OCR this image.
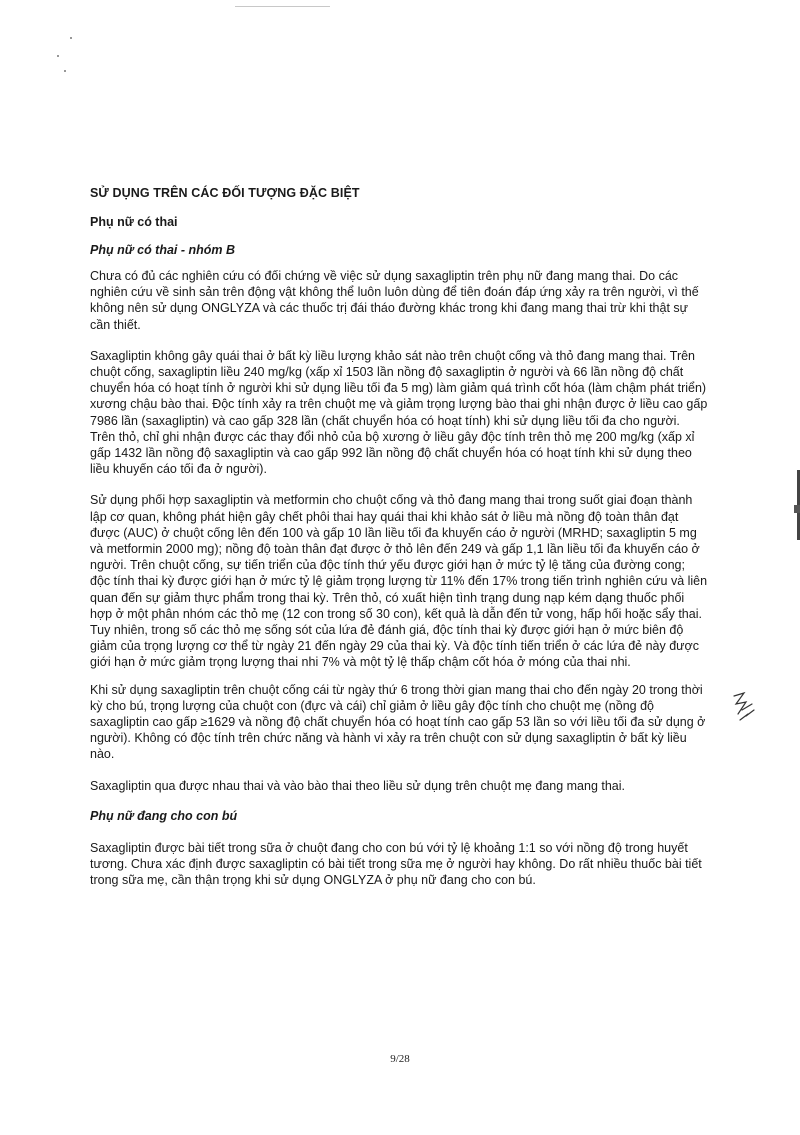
SỬ DỤNG TRÊN CÁC ĐỐI TƯỢNG ĐẶC BIỆT
Phụ nữ có thai
Phụ nữ có thai - nhóm B

Chưa có đủ các nghiên cứu có đối chứng về việc sử dụng saxagliptin trên phụ nữ đang mang thai. Do các nghiên cứu về sinh sản trên động vật không thể luôn luôn dùng để tiên đoán đáp ứng xảy ra trên người, vì thế không nên sử dụng ONGLYZA và các thuốc trị đái tháo đường khác trong khi đang mang thai trừ khi thật sự cần thiết.

Saxagliptin không gây quái thai ở bất kỳ liều lượng khảo sát nào trên chuột cống và thỏ đang mang thai. Trên chuột cống, saxagliptin liều 240 mg/kg (xấp xỉ 1503 lần nồng độ saxagliptin ở người và 66 lần nồng độ chất chuyển hóa có hoạt tính ở người khi sử dụng liều tối đa 5 mg) làm giảm quá trình cốt hóa (làm chậm phát triển) xương chậu bào thai. Độc tính xảy ra trên chuột mẹ và giảm trọng lượng bào thai ghi nhận được ở liều cao gấp 7986 lần (saxagliptin) và cao gấp 328 lần (chất chuyển hóa có hoạt tính) khi sử dụng liều tối đa cho người. Trên thỏ, chỉ ghi nhận được các thay đổi nhỏ của bộ xương ở liều gây độc tính trên thỏ mẹ 200 mg/kg (xấp xỉ gấp 1432 lần nồng độ saxagliptin và cao gấp 992 lần nồng độ chất chuyển hóa có hoạt tính khi sử dụng theo liều khuyến cáo tối đa ở người).

Sử dụng phối hợp saxagliptin và metformin cho chuột cống và thỏ đang mang thai trong suốt giai đoạn thành lập cơ quan, không phát hiện gây chết phôi thai hay quái thai khi khảo sát ở liều mà nồng độ toàn thân đạt được (AUC) ở chuột cống lên đến 100 và gấp 10 lần liều tối đa khuyến cáo ở người (MRHD; saxagliptin 5 mg và metformin 2000 mg); nồng độ toàn thân đạt được ở thỏ lên đến 249 và gấp 1,1 lần liều tối đa khuyến cáo ở người. Trên chuột cống, sự tiến triển của độc tính thứ yếu được giới hạn ở mức tỷ lệ tăng của đường cong; độc tính thai kỳ được giới hạn ở mức tỷ lệ giảm trọng lượng từ 11% đến 17% trong tiến trình nghiên cứu và liên quan đến sự giảm thực phẩm trong thai kỳ. Trên thỏ, có xuất hiện tình trạng dung nạp kém dạng thuốc phối hợp ở một phân nhóm các thỏ mẹ (12 con trong số 30 con), kết quả là dẫn đến tử vong, hấp hối hoặc sẩy thai. Tuy nhiên, trong số các thỏ mẹ sống sót của lứa đẻ đánh giá, độc tính thai kỳ được giới hạn ở mức biên độ giảm của trọng lượng cơ thể từ ngày 21 đến ngày 29 của thai kỳ. Và độc tính tiến triển ở các lứa đẻ này được giới hạn ở mức giảm trọng lượng thai nhi 7% và một tỷ lệ thấp chậm cốt hóa ở móng của thai nhi.

Khi sử dụng saxagliptin trên chuột cống cái từ ngày thứ 6 trong thời gian mang thai cho đến ngày 20 trong thời kỳ cho bú, trọng lượng của chuột con (đực và cái) chỉ giảm ở liều gây độc tính cho chuột mẹ (nồng độ saxagliptin cao gấp ≥1629 và nồng độ chất chuyển hóa có hoạt tính cao gấp 53 lần so với liều tối đa sử dụng ở người). Không có độc tính trên chức năng và hành vi xảy ra trên chuột con sử dụng saxagliptin ở bất kỳ liều nào.

Saxagliptin qua được nhau thai và vào bào thai theo liều sử dụng trên chuột mẹ đang mang thai.

Phụ nữ đang cho con bú

Saxagliptin được bài tiết trong sữa ở chuột đang cho con bú với tỷ lệ khoảng 1:1 so với nồng độ trong huyết tương. Chưa xác định được saxagliptin có bài tiết trong sữa mẹ ở người hay không. Do rất nhiều thuốc bài tiết trong sữa mẹ, cần thận trọng khi sử dụng ONGLYZA ở phụ nữ đang cho con bú.

9/28
